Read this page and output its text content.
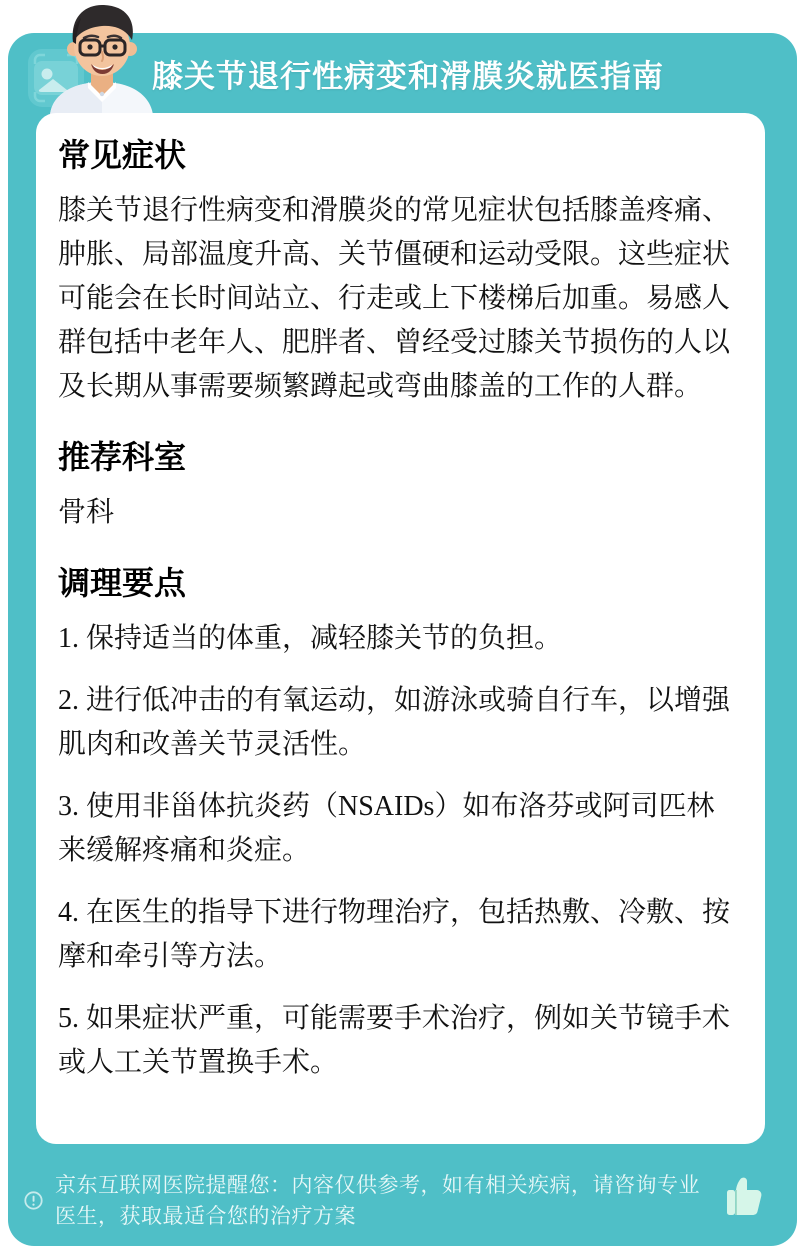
膝关节退行性病变和滑膜炎就医指南
常见症状

膝关节退行性病变和滑膜炎的常见症状包括膝盖疼痛、肿胀、局部温度升高、关节僵硬和运动受限。这些症状可能会在长时间站立、行走或上下楼梯后加重。易感人群包括中老年人、肥胖者、曾经受过膝关节损伤的人以及长期从事需要频繁蹲起或弯曲膝盖的工作的人群。

推荐科室

骨科

调理要点

1. 保持适当的体重，减轻膝关节的负担。

2. 进行低冲击的有氧运动，如游泳或骑自行车，以增强肌肉和改善关节灵活性。

3. 使用非甾体抗炎药（NSAIDs）如布洛芬或阿司匹林来缓解疼痛和炎症。

4. 在医生的指导下进行物理治疗，包括热敷、冷敷、按摩和牵引等方法。

5. 如果症状严重，可能需要手术治疗，例如关节镜手术或人工关节置换手术。

京东互联网医院提醒您：内容仅供参考，如有相关疾病，请咨询专业医生，获取最适合您的治疗方案
